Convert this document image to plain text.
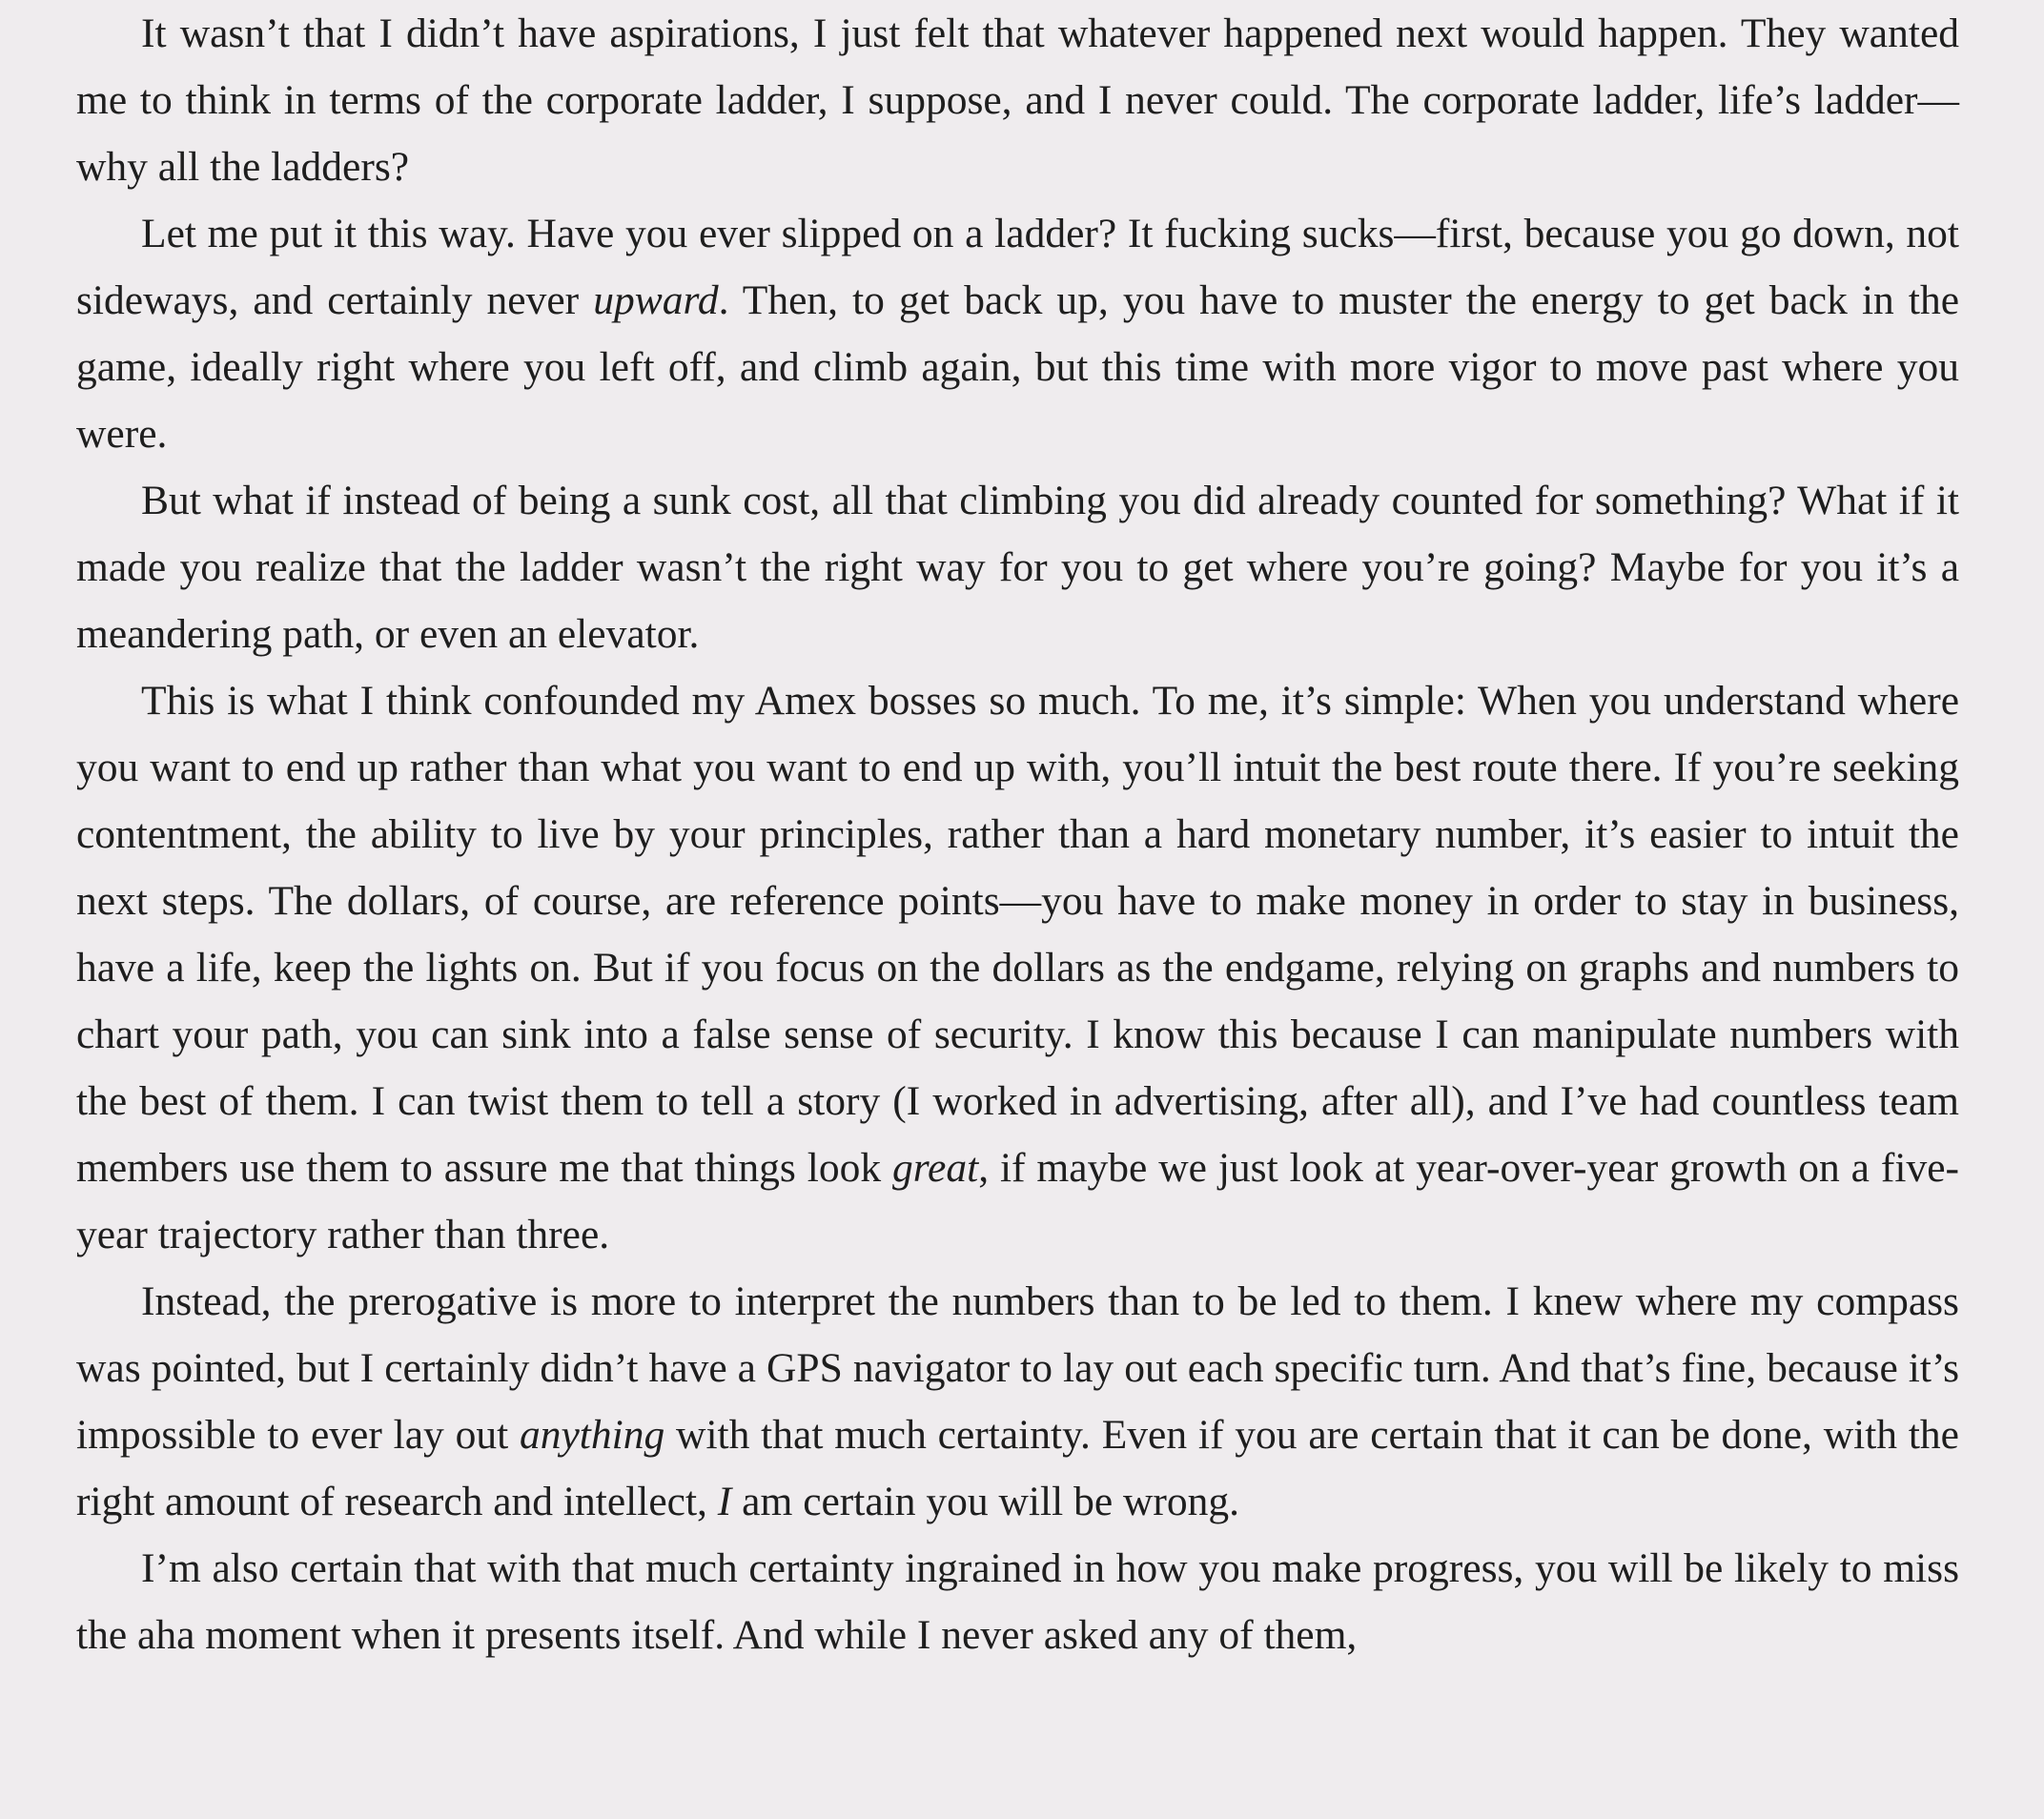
It wasn’t that I didn’t have aspirations, I just felt that whatever happened next would happen. They wanted me to think in terms of the corporate ladder, I suppose, and I never could. The corporate ladder, life’s ladder—why all the ladders?

Let me put it this way. Have you ever slipped on a ladder? It fucking sucks—first, because you go down, not sideways, and certainly never upward. Then, to get back up, you have to muster the energy to get back in the game, ideally right where you left off, and climb again, but this time with more vigor to move past where you were.

But what if instead of being a sunk cost, all that climbing you did already counted for something? What if it made you realize that the ladder wasn’t the right way for you to get where you’re going? Maybe for you it’s a meandering path, or even an elevator.

This is what I think confounded my Amex bosses so much. To me, it’s simple: When you understand where you want to end up rather than what you want to end up with, you’ll intuit the best route there. If you’re seeking contentment, the ability to live by your principles, rather than a hard monetary number, it’s easier to intuit the next steps. The dollars, of course, are reference points—you have to make money in order to stay in business, have a life, keep the lights on. But if you focus on the dollars as the endgame, relying on graphs and numbers to chart your path, you can sink into a false sense of security. I know this because I can manipulate numbers with the best of them. I can twist them to tell a story (I worked in advertising, after all), and I’ve had countless team members use them to assure me that things look great, if maybe we just look at year-over-year growth on a five-year trajectory rather than three.

Instead, the prerogative is more to interpret the numbers than to be led to them. I knew where my compass was pointed, but I certainly didn’t have a GPS navigator to lay out each specific turn. And that’s fine, because it’s impossible to ever lay out anything with that much certainty. Even if you are certain that it can be done, with the right amount of research and intellect, I am certain you will be wrong.

I’m also certain that with that much certainty ingrained in how you make progress, you will be likely to miss the aha moment when it presents itself. And while I never asked any of them,
